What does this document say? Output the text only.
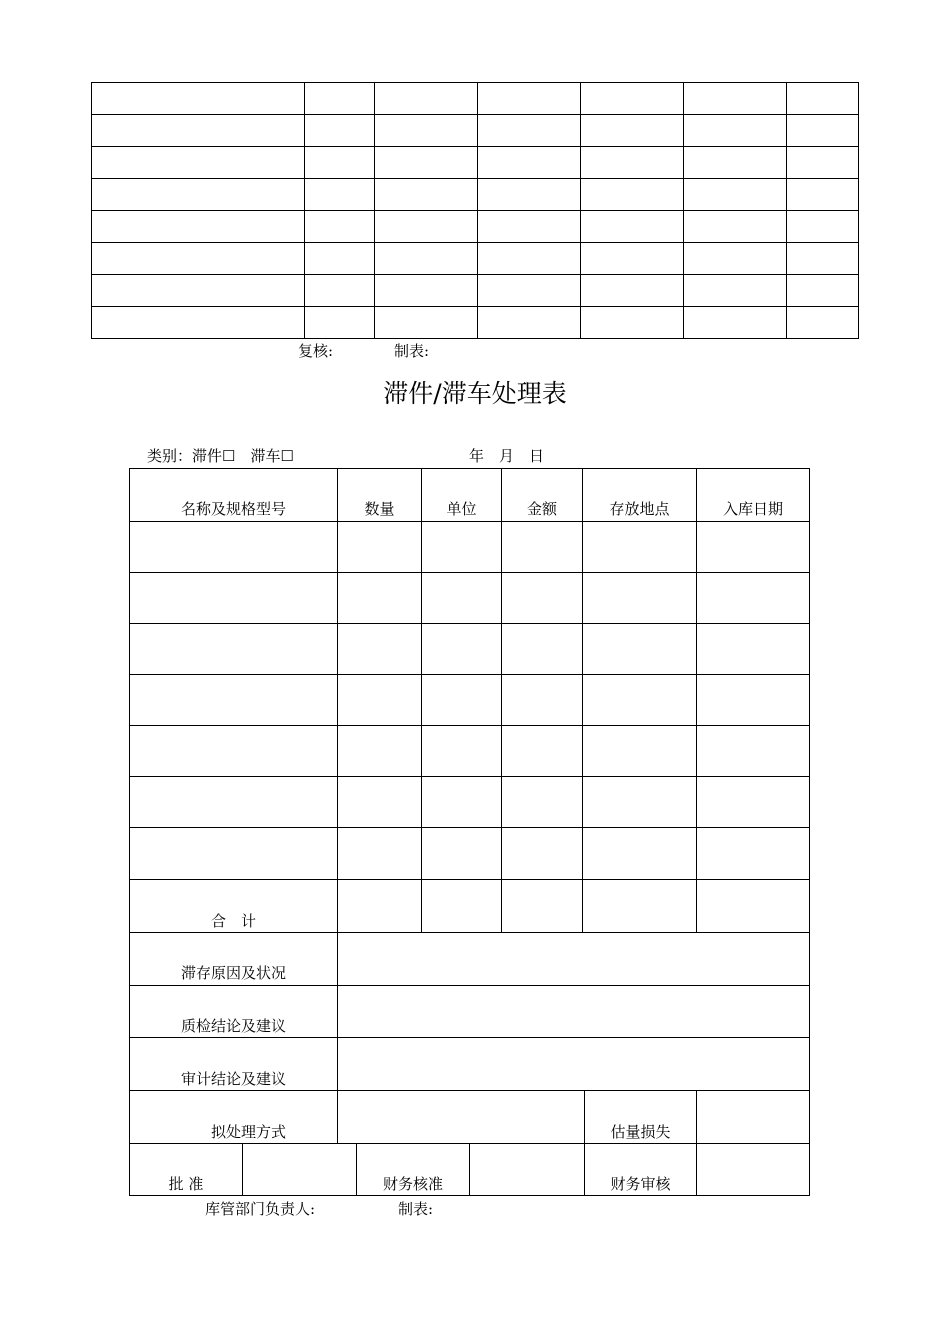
复核:	制表:
滞件/滞车处理表
类别：滞件☐　滞车☐	年　月　日
名称及规格型号	数量	单位	金额	存放地点	入库日期
合　计
滞存原因及状况
质检结论及建议
审计结论及建议
拟处理方式	估量损失
批 准	财务核准	财务审核
库管部门负责人:	制表:
